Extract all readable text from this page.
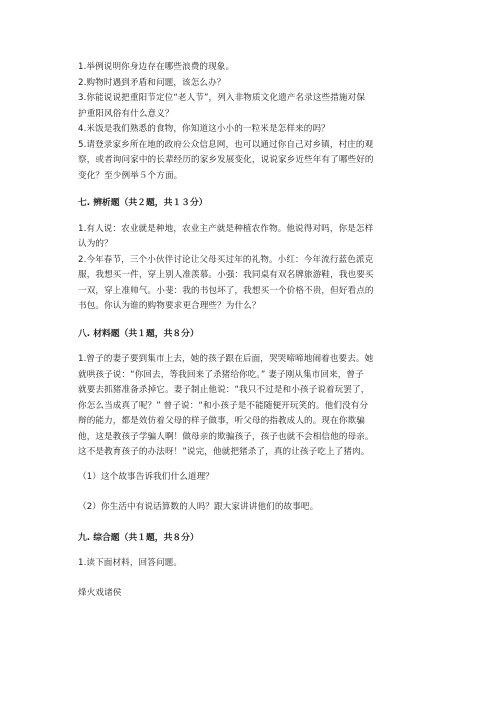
1.举例说明你身边存在哪些浪费的现象。
2.购物时遇到矛盾和问题，该怎么办？
3.你能说说把重阳节定位“老人节”，列入非物质文化遗产名录这些措施对保
护重阳风俗有什么意义？
4.米饭是我们熟悉的食物，你知道这小小的一粒米是怎样来的吗？
5.请登录家乡所在地的政府公众信息网，也可以通过你自己对乡镇，村庄的观
察，或者询问家中的长辈经历的家乡发展变化，说说家乡近些年有了哪些好的
变化？至少例举５个方面。
七. 辨析题（共２题，共１３分）
1.有人说：农业就是种地，农业主产就是种植农作物。他说得对吗，你是怎样
认为的？
2.今年春节，三个小伙伴讨论让父母买过年的礼物。小红：今年流行蓝色派克
服，我想买一件，穿上别人准羡慕。小强：我同桌有双名牌旅游鞋，我也要买
一双，穿上准帅气。小斐：我的书包坏了，我想买一个价格不贵，但好看点的
书包。你认为谁的购物要求更合理些？为什么？
八. 材料题（共１题，共８分）
1.曾子的妻子要到集市上去，她的孩子跟在后面，哭哭啼啼地闹着也要去。她
就哄孩子说：“你回去，等我回来了杀猪给你吃。” 妻子刚从集市回来，曾子
就要去抓猪准备杀掉它。妻子制止他说：“我只不过是和小孩子说着玩罢了，
你怎么当成真了呢？” 曾子说：“和小孩子是不能随便开玩笑的。他们没有分
辩的能力，都是效仿着父母的样子做事，听父母的指教成人的。现在你欺骗
他，这是教孩子学骗人啊！做母亲的欺骗孩子，孩子也就不会相信他的母亲。
这不是教育孩子的办法呀！”说完，他就把猪杀了，真的让孩子吃上了猪肉。
（1）这个故事告诉我们什么道理？
（2）你生活中有说话算数的人吗？跟大家讲讲他们的故事吧。
九. 综合题（共１题，共８分）
1.读下面材料，回答问题。
烽火戏诸侯
